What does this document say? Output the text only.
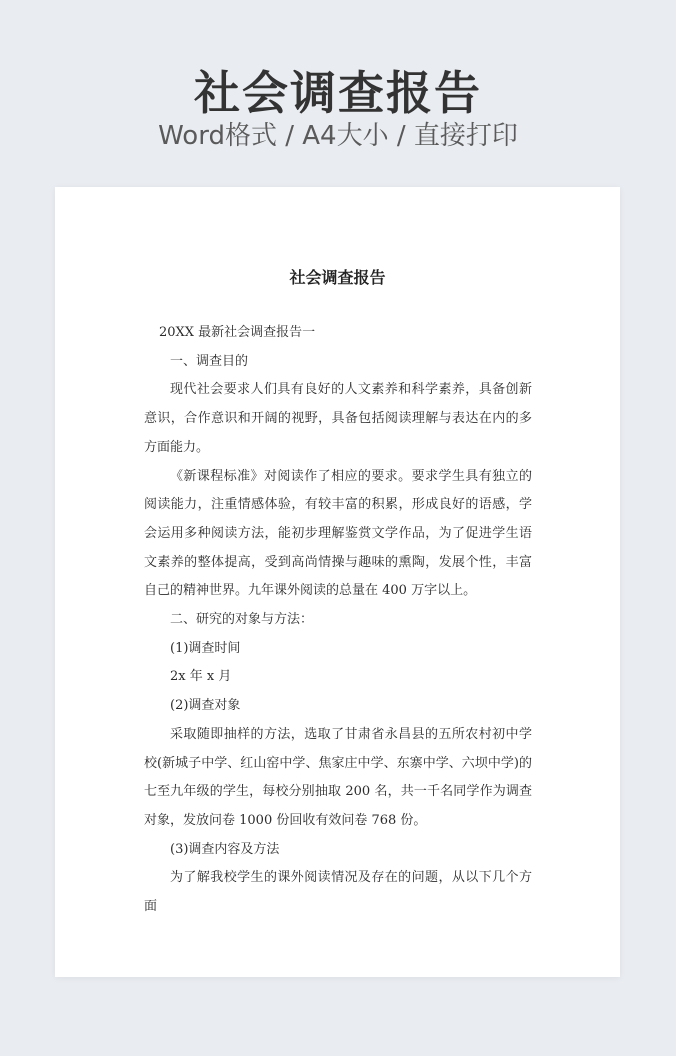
社会调查报告
Word格式 / A4大小 / 直接打印
社会调查报告

20XX 最新社会调查报告一

一、调查目的

现代社会要求人们具有良好的人文素养和科学素养，具备创新意识，合作意识和开阔的视野，具备包括阅读理解与表达在内的多方面能力。

《新课程标准》对阅读作了相应的要求。要求学生具有独立的阅读能力，注重情感体验，有较丰富的积累，形成良好的语感，学会运用多种阅读方法，能初步理解鉴赏文学作品，为了促进学生语文素养的整体提高，受到高尚情操与趣味的熏陶，发展个性，丰富自己的精神世界。九年课外阅读的总量在 400 万字以上。

二、研究的对象与方法：

(1)调查时间

2x 年 x 月

(2)调查对象

采取随即抽样的方法，选取了甘肃省永昌县的五所农村初中学校(新城子中学、红山窑中学、焦家庄中学、东寨中学、六坝中学)的七至九年级的学生，每校分别抽取 200 名，共一千名同学作为调查对象，发放问卷 1000 份回收有效问卷 768 份。

(3)调查内容及方法

为了解我校学生的课外阅读情况及存在的问题，从以下几个方面
